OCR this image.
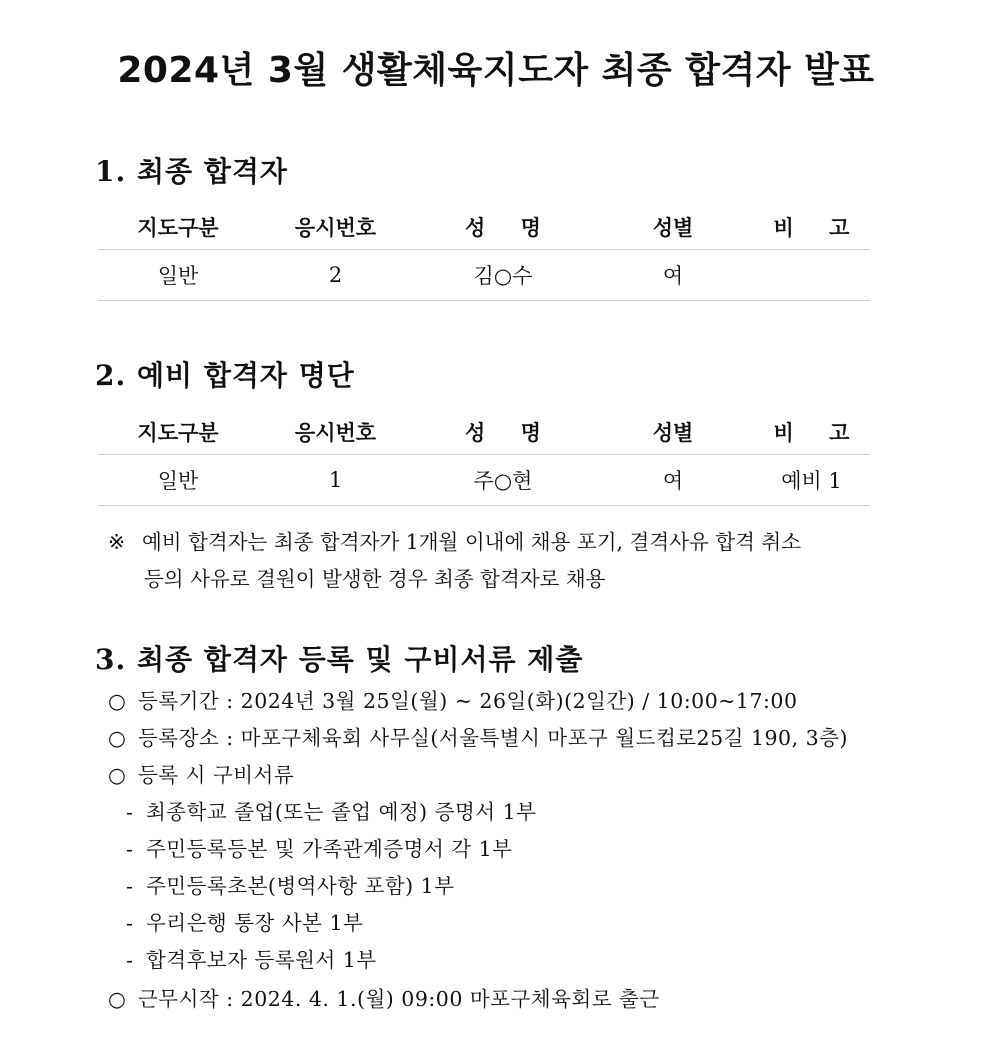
2024년 3월 생활체육지도자 최종 합격자 발표
1. 최종 합격자
지도구분	응시번호	성 명	성별	비 고
일반	2	김○수	여	
2. 예비 합격자 명단
지도구분	응시번호	성 명	성별	비 고
일반	1	주○현	여	예비 1
※ 예비 합격자는 최종 합격자가 1개월 이내에 채용 포기, 결격사유 합격 취소
등의 사유로 결원이 발생한 경우 최종 합격자로 채용
3. 최종 합격자 등록 및 구비서류 제출
○ 등록기간 : 2024년 3월 25일(월) ~ 26일(화)(2일간) / 10:00~17:00
○ 등록장소 : 마포구체육회 사무실(서울특별시 마포구 월드컵로25길 190, 3층)
○ 등록 시 구비서류
- 최종학교 졸업(또는 졸업 예정) 증명서 1부
- 주민등록등본 및 가족관계증명서 각 1부
- 주민등록초본(병역사항 포함) 1부
- 우리은행 통장 사본 1부
- 합격후보자 등록원서 1부
○ 근무시작 : 2024. 4. 1.(월) 09:00 마포구체육회로 출근
